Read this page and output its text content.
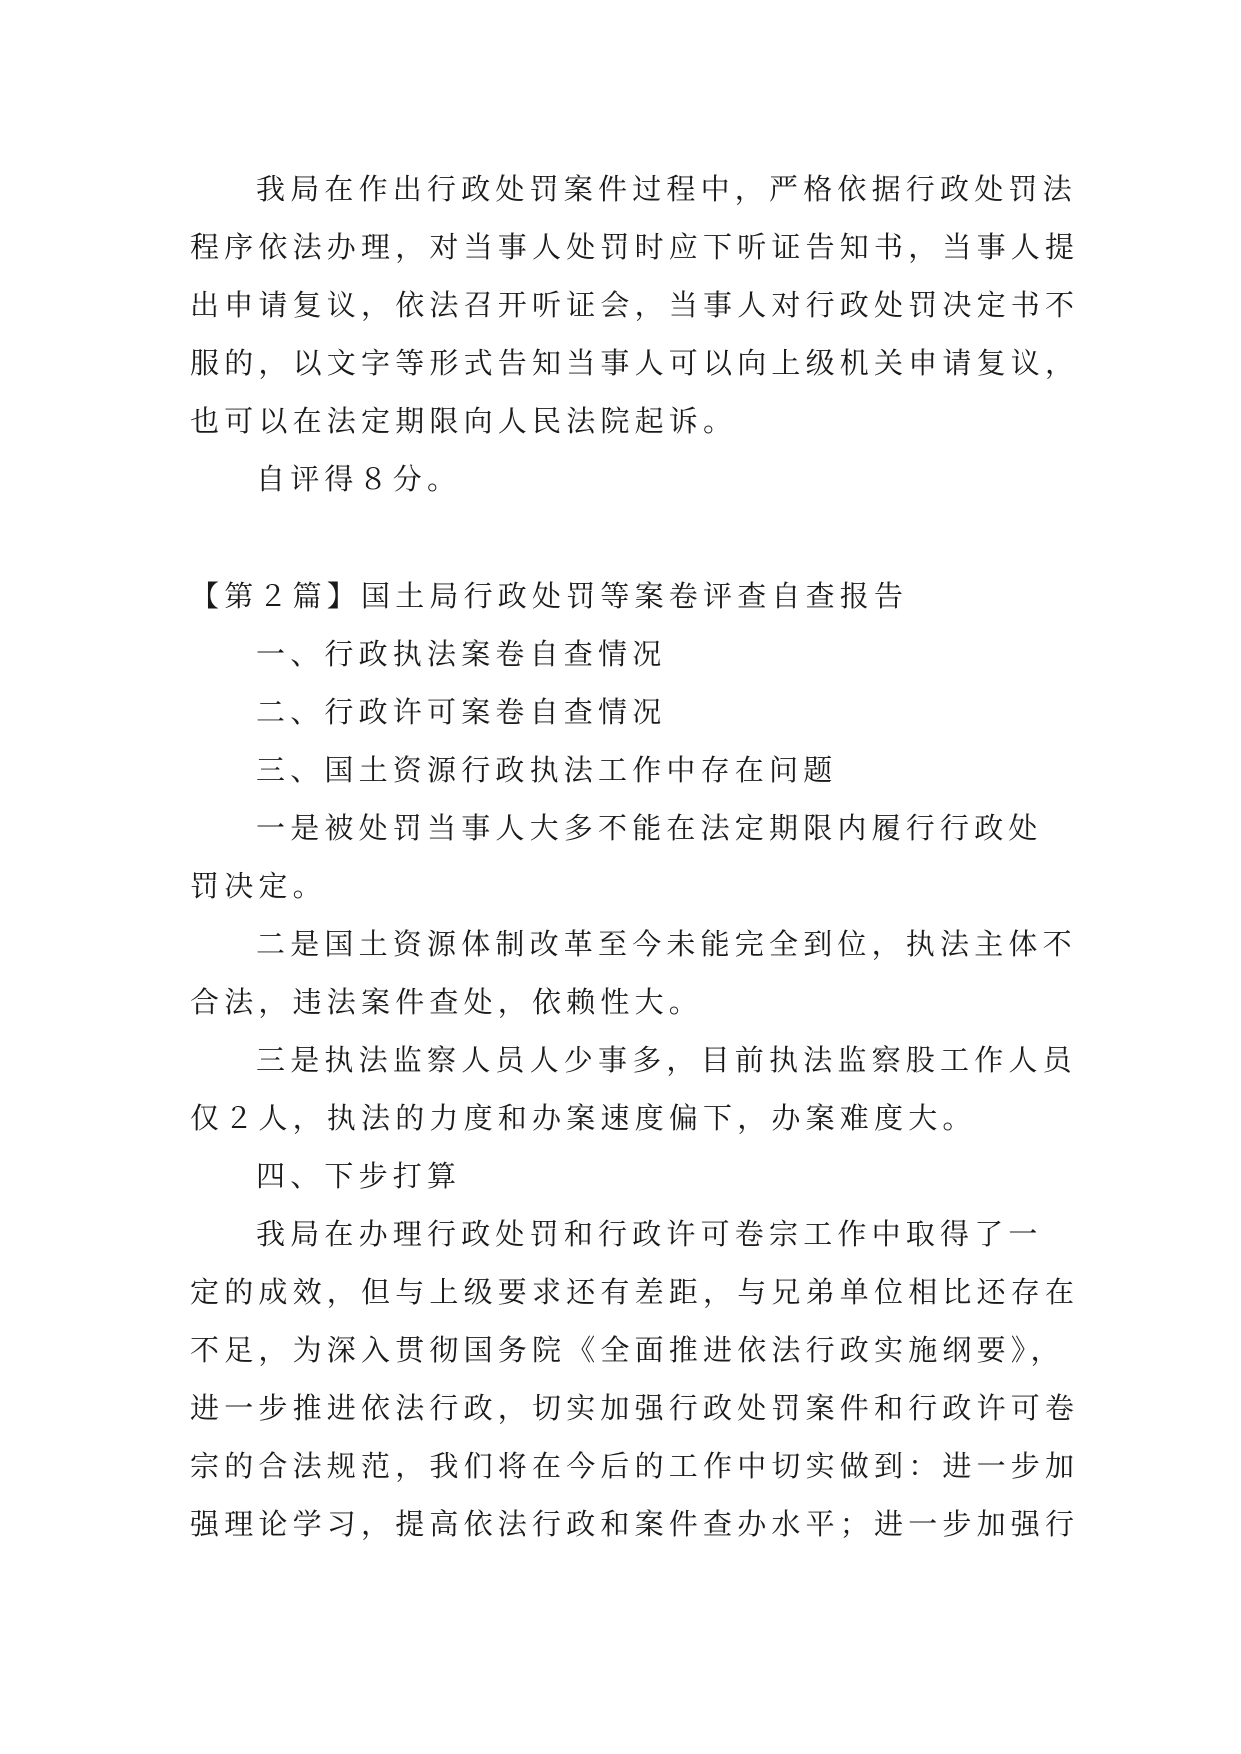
我局在作出行政处罚案件过程中，严格依据行政处罚法

程序依法办理，对当事人处罚时应下听证告知书，当事人提

出申请复议，依法召开听证会，当事人对行政处罚决定书不

服的，以文字等形式告知当事人可以向上级机关申请复议，

也可以在法定期限向人民法院起诉。

自评得８分。

【第２篇】国土局行政处罚等案卷评查自查报告

一、行政执法案卷自查情况

二、行政许可案卷自查情况

三、国土资源行政执法工作中存在问题

一是被处罚当事人大多不能在法定期限内履行行政处

罚决定。

二是国土资源体制改革至今未能完全到位，执法主体不

合法，违法案件查处，依赖性大。

三是执法监察人员人少事多，目前执法监察股工作人员

仅２人，执法的力度和办案速度偏下，办案难度大。

四、下步打算

我局在办理行政处罚和行政许可卷宗工作中取得了一

定的成效，但与上级要求还有差距，与兄弟单位相比还存在

不足，为深入贯彻国务院《全面推进依法行政实施纲要》，

进一步推进依法行政，切实加强行政处罚案件和行政许可卷

宗的合法规范，我们将在今后的工作中切实做到：进一步加

强理论学习，提高依法行政和案件查办水平；进一步加强行
